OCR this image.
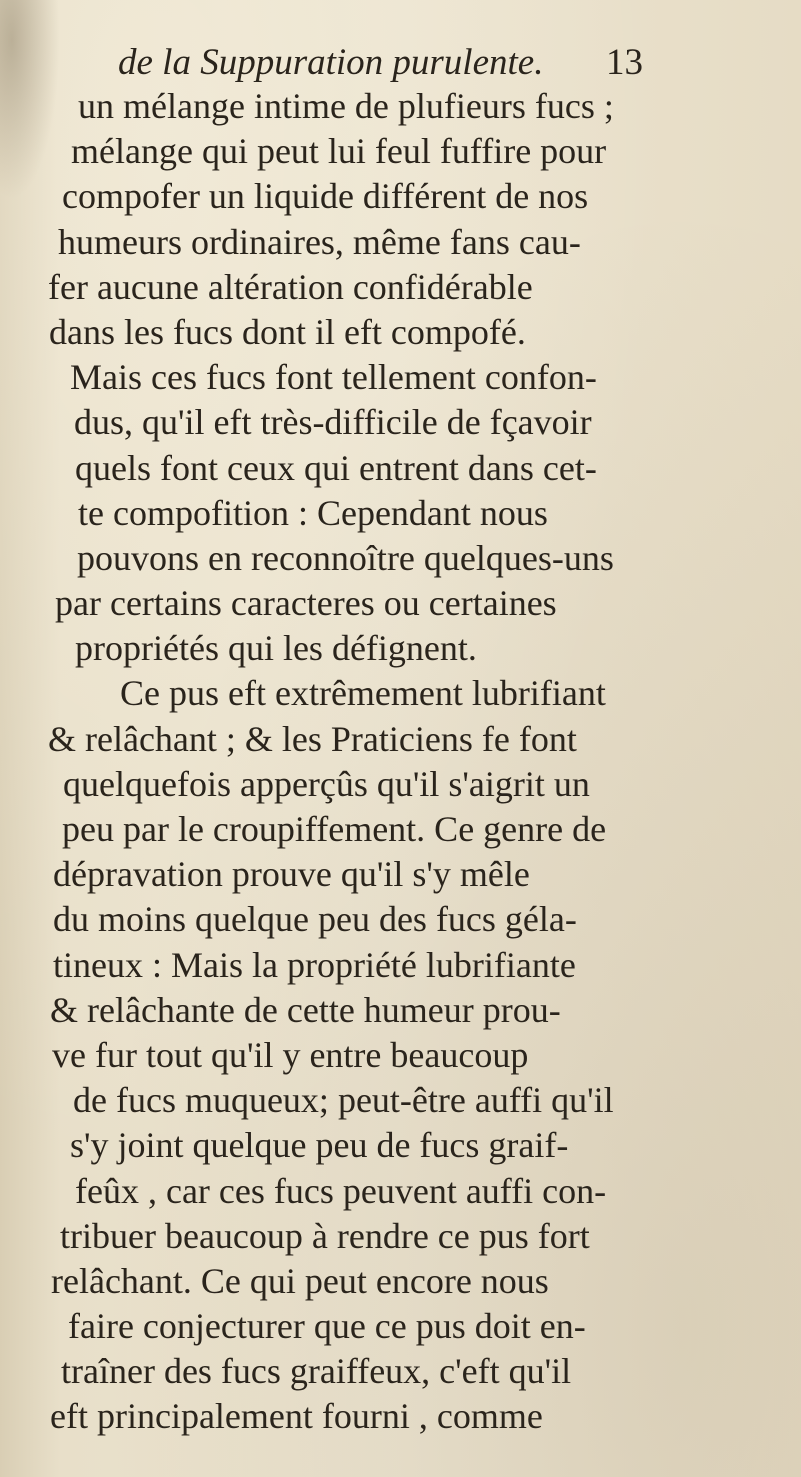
de la Suppuration purulente. 13
un mélange intime de plufieurs fucs ;
mélange qui peut lui feul fuffire pour
compofer un liquide différent de nos
humeurs ordinaires, même fans cau-
fer aucune altération confidérable
dans les fucs dont il eft compofé.
Mais ces fucs font tellement confon-
dus, qu'il eft très-difficile de fçavoir
quels font ceux qui entrent dans cet-
te compofition : Cependant nous
pouvons en reconnoître quelques-uns
par certains caracteres ou certaines
propriétés qui les défignent.
Ce pus eft extrêmement lubrifiant
& relâchant ; & les Praticiens fe font
quelquefois apperçûs qu'il s'aigrit un
peu par le croupiffement. Ce genre de
dépravation prouve qu'il s'y mêle
du moins quelque peu des fucs géla-
tineux : Mais la propriété lubrifiante
& relâchante de cette humeur prou-
ve fur tout qu'il y entre beaucoup
de fucs muqueux; peut-être auffi qu'il
s'y joint quelque peu de fucs graif-
feûx , car ces fucs peuvent auffi con-
tribuer beaucoup à rendre ce pus fort
relâchant. Ce qui peut encore nous
faire conjecturer que ce pus doit en-
traîner des fucs graiffeux, c'eft qu'il
eft principalement fourni , comme
